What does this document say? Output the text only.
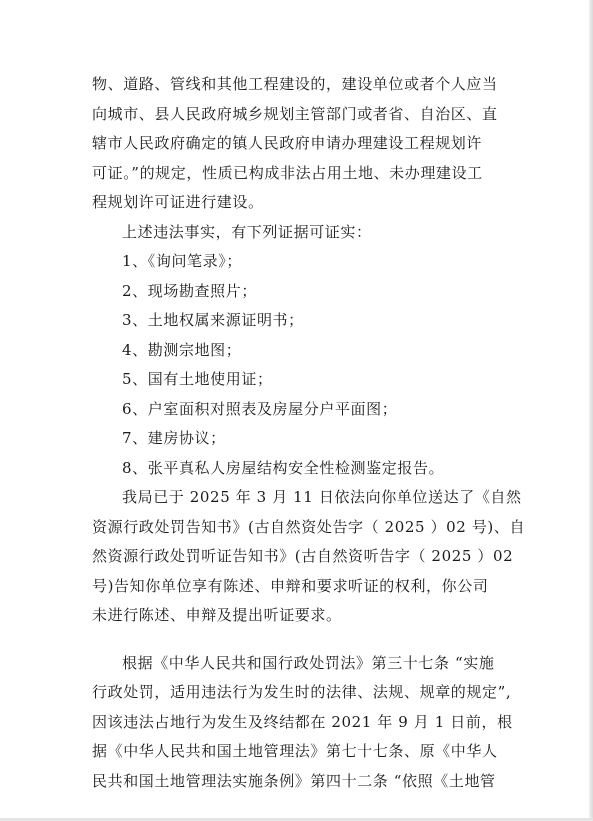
物、道路、管线和其他工程建设的，建设单位或者个人应当
向城市、县人民政府城乡规划主管部门或者省、自治区、直
辖市人民政府确定的镇人民政府申请办理建设工程规划许
可证。”的规定，性质已构成非法占用土地、未办理建设工
程规划许可证进行建设。
上述违法事实，有下列证据可证实：
1、《询问笔录》；
2、现场勘查照片；
3、土地权属来源证明书；
4、勘测宗地图；
5、国有土地使用证；
6、户室面积对照表及房屋分户平面图；
7、建房协议；
8、张平真私人房屋结构安全性检测鉴定报告。
我局已于 2025 年 3 月 11 日依法向你单位送达了《自然
资源行政处罚告知书》(古自然资处告字（ 2025 ）02 号)、自
然资源行政处罚听证告知书》(古自然资听告字（ 2025 ）02
号)告知你单位享有陈述、申辩和要求听证的权利，你公司
未进行陈述、申辩及提出听证要求。
根据《中华人民共和国行政处罚法》第三十七条 “实施
行政处罚，适用违法行为发生时的法律、法规、规章的规定”,
因该违法占地行为发生及终结都在 2021 年 9 月 1 日前，根
据《中华人民共和国土地管理法》第七十七条、原《中华人
民共和国土地管理法实施条例》第四十二条 “依照《土地管
